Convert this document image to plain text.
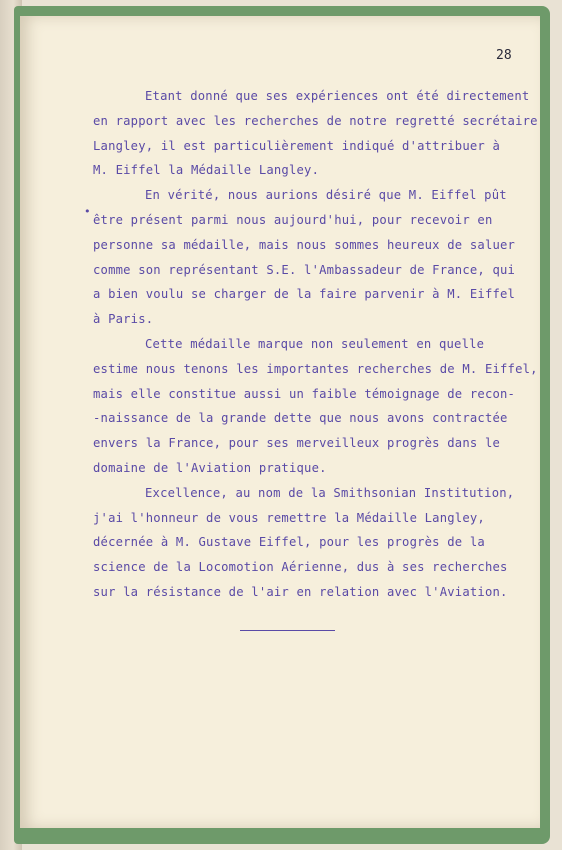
28
•
Etant donné que ses expériences ont été directement
en rapport avec les recherches de notre regretté secrétaire
Langley, il est particulièrement indiqué d'attribuer à
M. Eiffel la Médaille Langley.
En vérité, nous aurions désiré que M. Eiffel pût
être présent parmi nous aujourd'hui, pour recevoir en
personne sa médaille, mais nous sommes heureux de saluer
comme son représentant S.E. l'Ambassadeur de France, qui
a bien voulu se charger de la faire parvenir à M. Eiffel
à Paris.
Cette médaille marque non seulement en quelle
estime nous tenons les importantes recherches de M. Eiffel,
mais elle constitue aussi un faible témoignage de recon-
-naissance de la grande dette que nous avons contractée
envers la France, pour ses merveilleux progrès dans le
domaine de l'Aviation pratique.
Excellence, au nom de la Smithsonian Institution,
j'ai l'honneur de vous remettre la Médaille Langley,
décernée à M. Gustave Eiffel, pour les progrès de la
science de la Locomotion Aérienne, dus à ses recherches
sur la résistance de l'air en relation avec l'Aviation.
